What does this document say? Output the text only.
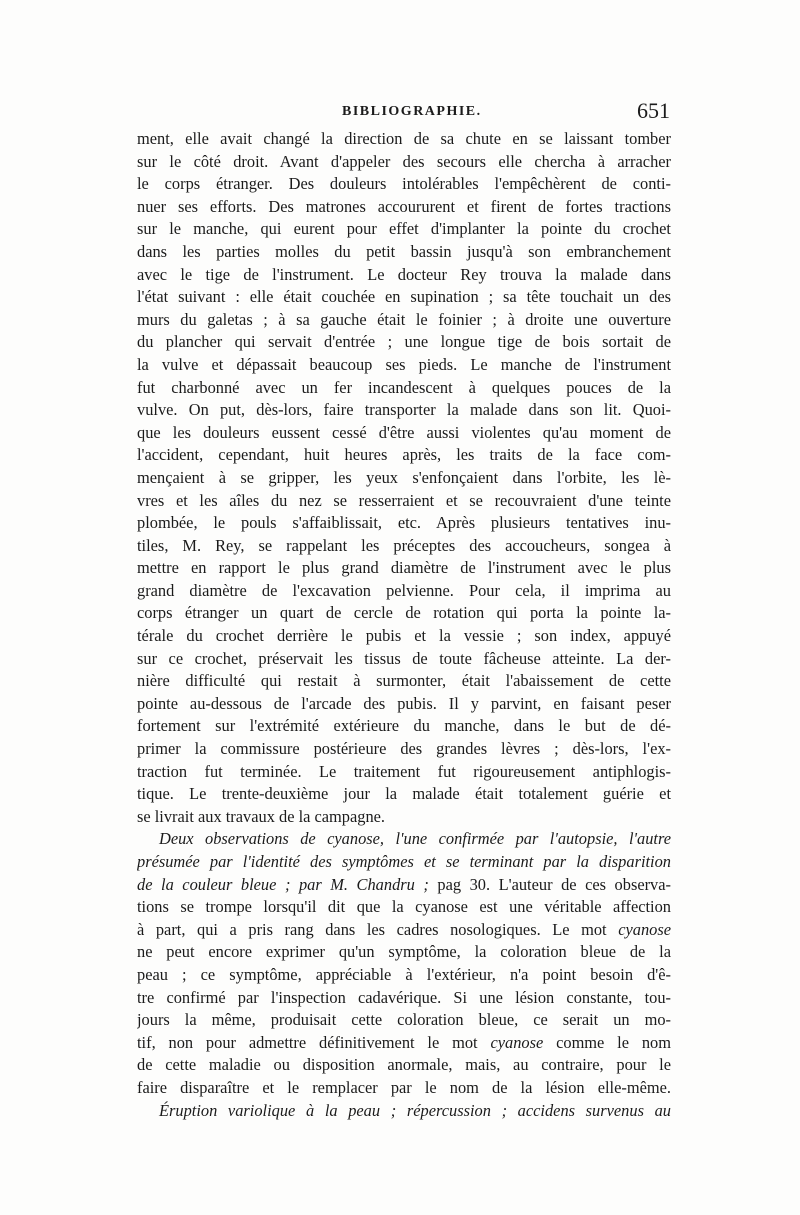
BIBLIOGRAPHIE.	651
ment, elle avait changé la direction de sa chute en se laissant tomber
sur le côté droit. Avant d'appeler des secours elle chercha à arracher
le corps étranger. Des douleurs intolérables l'empêchèrent de conti-
nuer ses efforts. Des matrones accoururent et firent de fortes tractions
sur le manche, qui eurent pour effet d'implanter la pointe du crochet
dans les parties molles du petit bassin jusqu'à son embranchement
avec le tige de l'instrument. Le docteur Rey trouva la malade dans
l'état suivant : elle était couchée en supination ; sa tête touchait un des
murs du galetas ; à sa gauche était le foinier ; à droite une ouverture
du plancher qui servait d'entrée ; une longue tige de bois sortait de
la vulve et dépassait beaucoup ses pieds. Le manche de l'instrument
fut charbonné avec un fer incandescent à quelques pouces de la
vulve. On put, dès-lors, faire transporter la malade dans son lit. Quoi-
que les douleurs eussent cessé d'être aussi violentes qu'au moment de
l'accident, cependant, huit heures après, les traits de la face com-
mençaient à se gripper, les yeux s'enfonçaient dans l'orbite, les lè-
vres et les aîles du nez se resserraient et se recouvraient d'une teinte
plombée, le pouls s'affaiblissait, etc. Après plusieurs tentatives inu-
tiles, M. Rey, se rappelant les préceptes des accoucheurs, songea à
mettre en rapport le plus grand diamètre de l'instrument avec le plus
grand diamètre de l'excavation pelvienne. Pour cela, il imprima au
corps étranger un quart de cercle de rotation qui porta la pointe la-
térale du crochet derrière le pubis et la vessie ; son index, appuyé
sur ce crochet, préservait les tissus de toute fâcheuse atteinte. La der-
nière difficulté qui restait à surmonter, était l'abaissement de cette
pointe au-dessous de l'arcade des pubis. Il y parvint, en faisant peser
fortement sur l'extrémité extérieure du manche, dans le but de dé-
primer la commissure postérieure des grandes lèvres ; dès-lors, l'ex-
traction fut terminée. Le traitement fut rigoureusement antiphlogis-
tique. Le trente-deuxième jour la malade était totalement guérie et
se livrait aux travaux de la campagne.
Deux observations de cyanose, l'une confirmée par l'autopsie, l'autre
présumée par l'identité des symptômes et se terminant par la disparition
de la couleur bleue ; par M. Chandru ; pag 30. L'auteur de ces observa-
tions se trompe lorsqu'il dit que la cyanose est une véritable affection
à part, qui a pris rang dans les cadres nosologiques. Le mot cyanose
ne peut encore exprimer qu'un symptôme, la coloration bleue de la
peau ; ce symptôme, appréciable à l'extérieur, n'a point besoin d'ê-
tre confirmé par l'inspection cadavérique. Si une lésion constante, tou-
jours la même, produisait cette coloration bleue, ce serait un mo-
tif, non pour admettre définitivement le mot cyanose comme le nom
de cette maladie ou disposition anormale, mais, au contraire, pour le
faire disparaître et le remplacer par le nom de la lésion elle-même.
Éruption variolique à la peau ; répercussion ; accidens survenus au
